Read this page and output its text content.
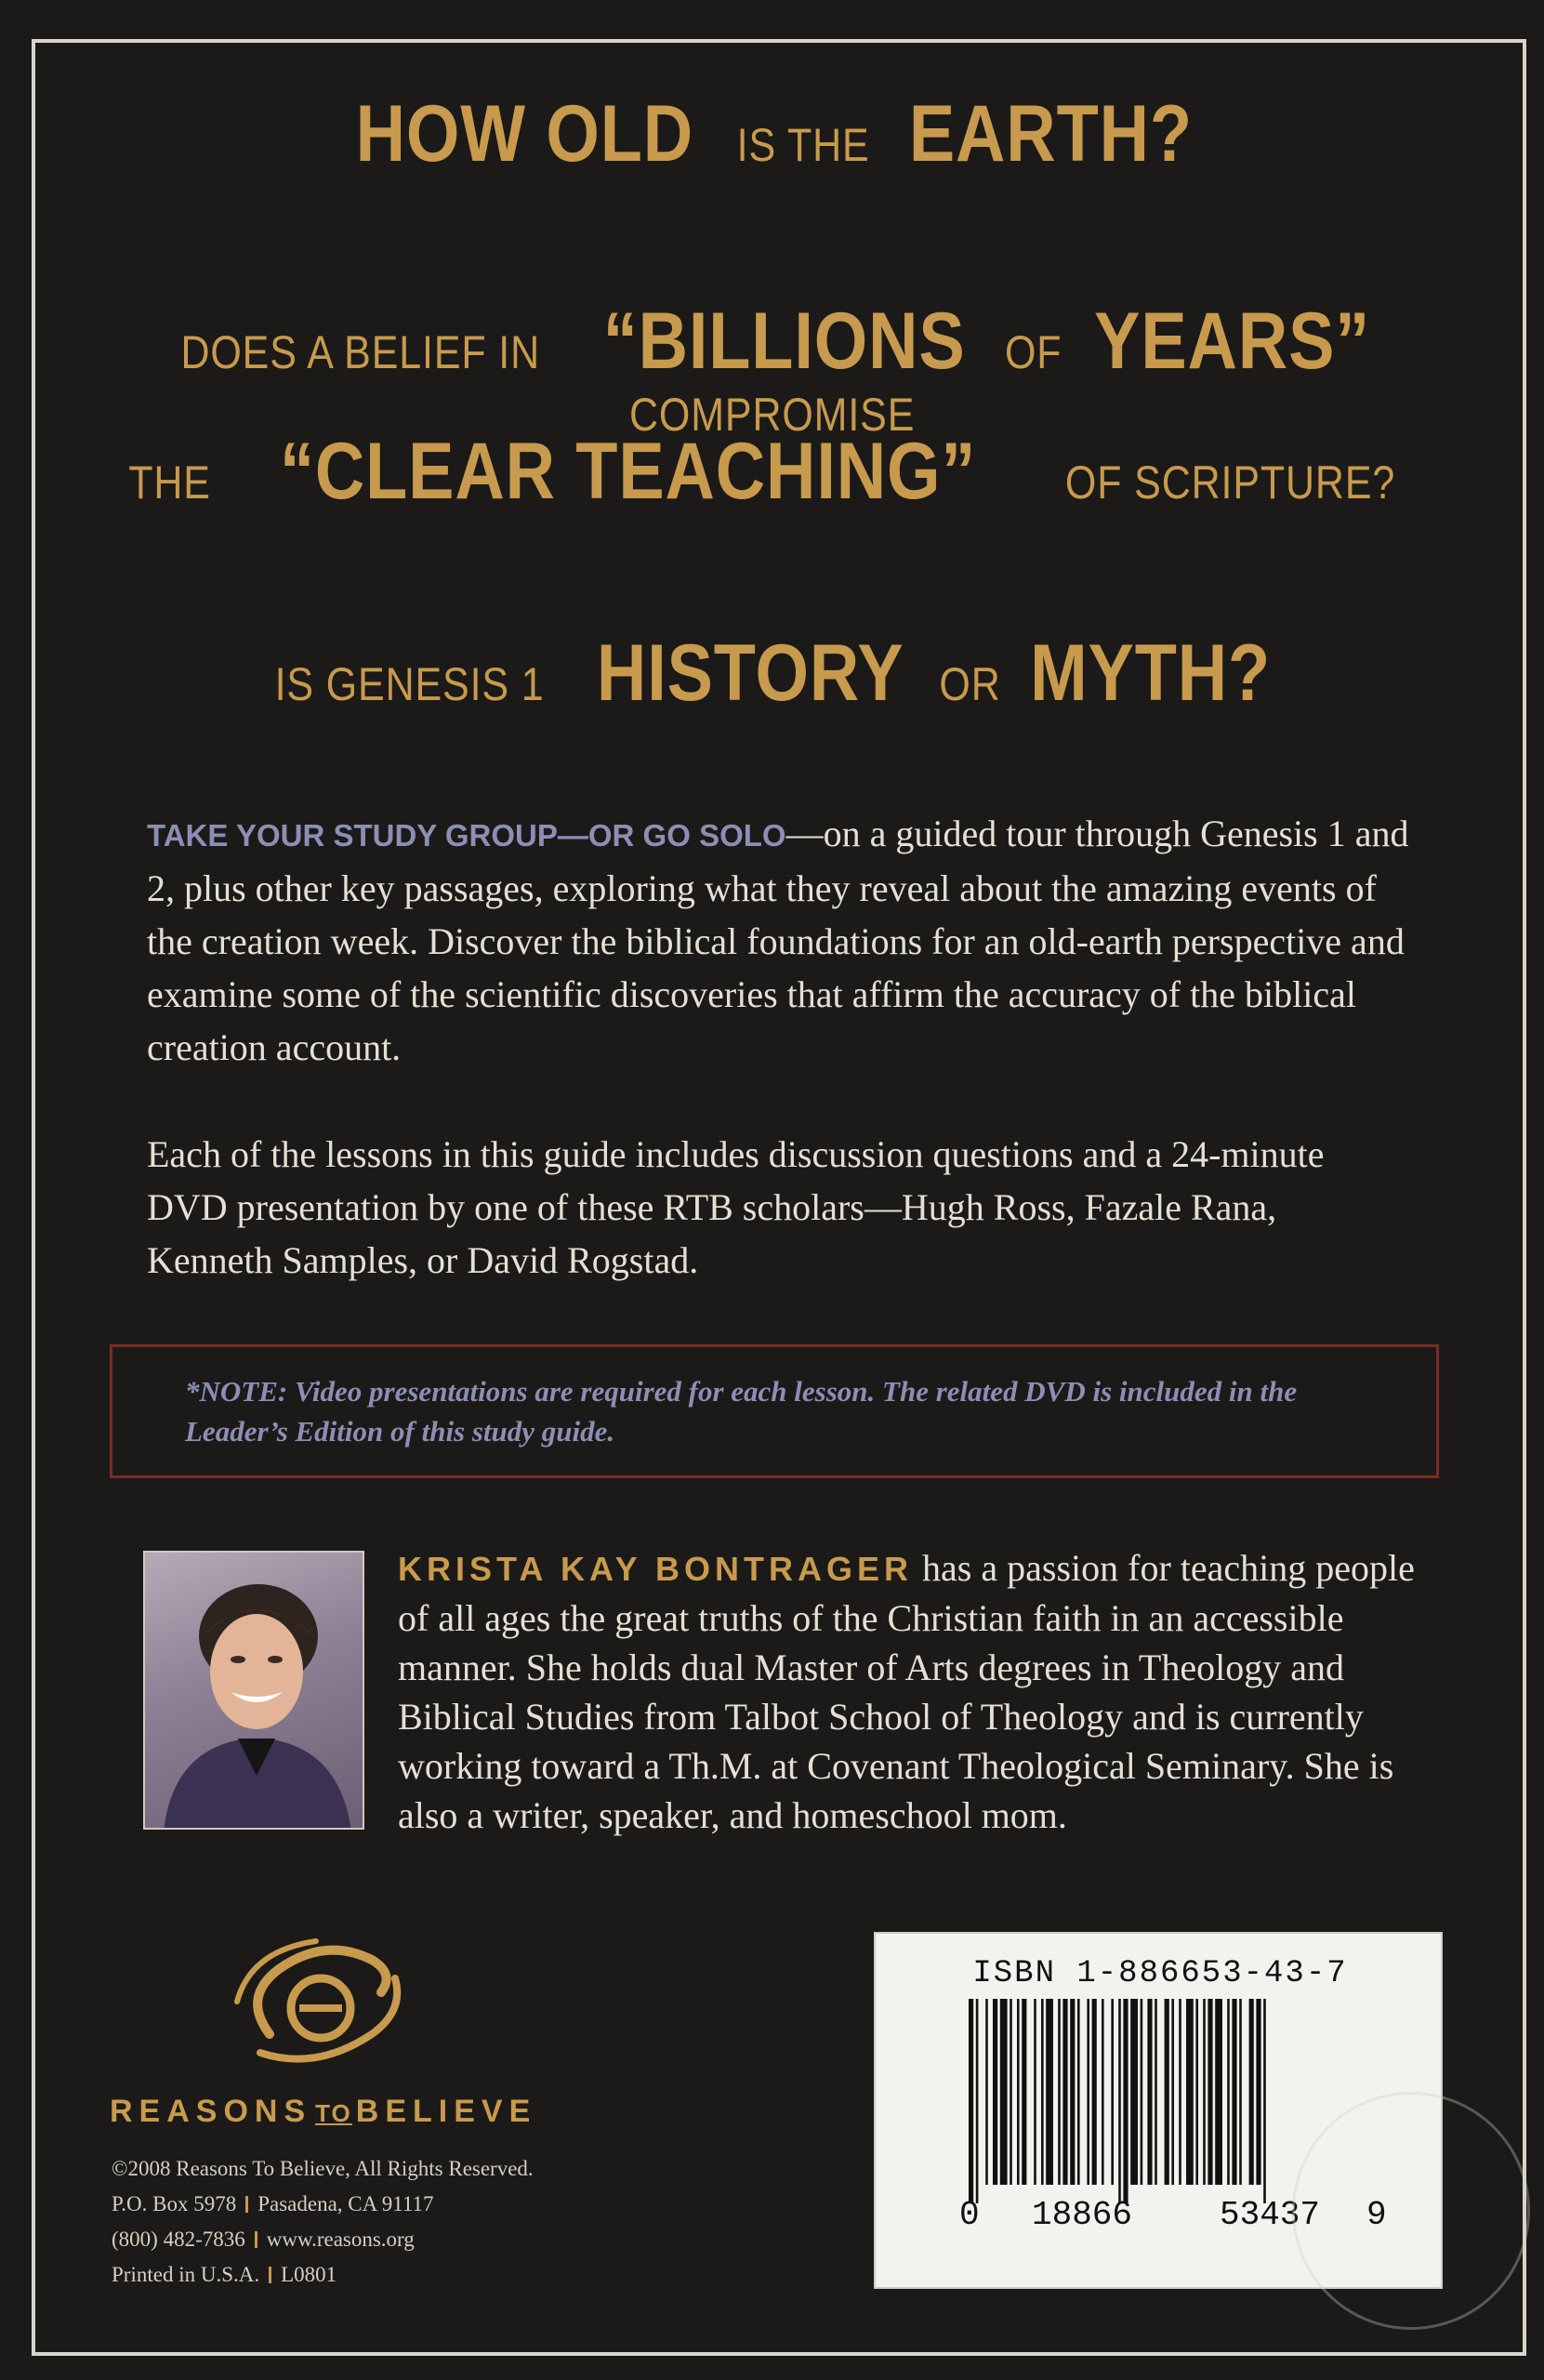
HOW OLD IS THE EARTH?
DOES A BELIEF IN “BILLIONS OF YEARS” COMPROMISE
THE “CLEAR TEACHING” OF SCRIPTURE?
IS GENESIS 1 HISTORY OR MYTH?
TAKE YOUR STUDY GROUP—OR GO SOLO—on a guided tour through Genesis 1 and 2, plus other key passages, exploring what they reveal about the amazing events of the creation week. Discover the biblical foundations for an old-earth perspective and examine some of the scientific discoveries that affirm the accuracy of the biblical creation account.
Each of the lessons in this guide includes discussion questions and a 24-minute DVD presentation by one of these RTB scholars—Hugh Ross, Fazale Rana, Kenneth Samples, or David Rogstad.
*NOTE: Video presentations are required for each lesson. The related DVD is included in the Leader’s Edition of this study guide.
KRISTA KAY BONTRAGER has a passion for teaching people of all ages the great truths of the Christian faith in an accessible manner. She holds dual Master of Arts degrees in Theology and Biblical Studies from Talbot School of Theology and is currently working toward a Th.M. at Covenant Theological Seminary. She is also a writer, speaker, and homeschool mom.
REASONS TO BELIEVE
©2008 Reasons To Believe, All Rights Reserved.
P.O. Box 5978 Pasadena, CA 91117
(800) 482-7836 www.reasons.org
Printed in U.S.A. L0801
ISBN 1-886653-43-7
0 18866	53437 9
